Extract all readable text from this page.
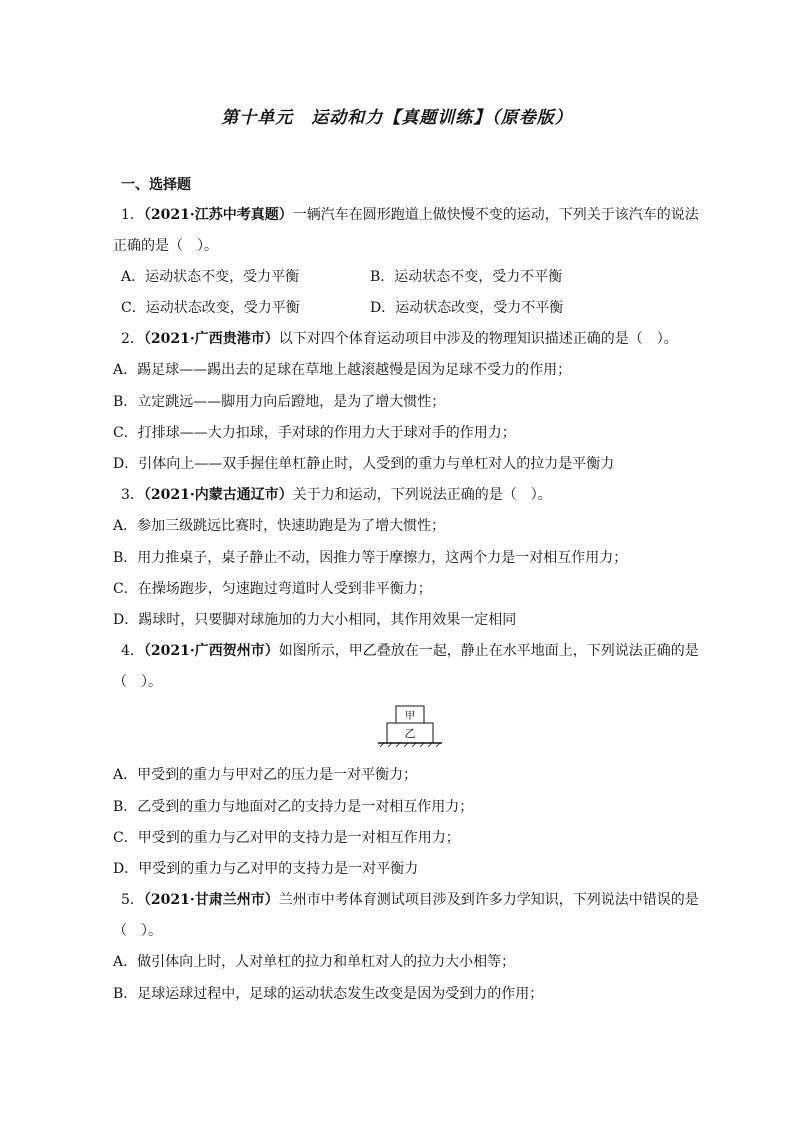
第十单元　运动和力【真题训练】（原卷版）
一、选择题
1．（2021·江苏中考真题）一辆汽车在圆形跑道上做快慢不变的运动，下列关于该汽车的说法
正确的是（　）。
A．运动状态不变，受力平衡	B．运动状态不变，受力不平衡
C．运动状态改变，受力平衡	D．运动状态改变，受力不平衡
2．（2021·广西贵港市）以下对四个体育运动项目中涉及的物理知识描述正确的是（　）。
A．踢足球——踢出去的足球在草地上越滚越慢是因为足球不受力的作用；
B．立定跳远——脚用力向后蹬地，是为了增大惯性；
C．打排球——大力扣球，手对球的作用力大于球对手的作用力；
D．引体向上——双手握住单杠静止时，人受到的重力与单杠对人的拉力是平衡力
3．（2021·内蒙古通辽市）关于力和运动，下列说法正确的是（　）。
A．参加三级跳远比赛时，快速助跑是为了增大惯性；
B．用力推桌子，桌子静止不动，因推力等于摩擦力，这两个力是一对相互作用力；
C．在操场跑步，匀速跑过弯道时人受到非平衡力；
D．踢球时，只要脚对球施加的力大小相同，其作用效果一定相同
4．（2021·广西贺州市）如图所示，甲乙叠放在一起，静止在水平地面上，下列说法正确的是
（　）。
甲
乙
A．甲受到的重力与甲对乙的压力是一对平衡力；
B．乙受到的重力与地面对乙的支持力是一对相互作用力；
C．甲受到的重力与乙对甲的支持力是一对相互作用力；
D．甲受到的重力与乙对甲的支持力是一对平衡力
5．（2021·甘肃兰州市）兰州市中考体育测试项目涉及到许多力学知识，下列说法中错误的是
（　）。
A．做引体向上时，人对单杠的拉力和单杠对人的拉力大小相等；
B．足球运球过程中，足球的运动状态发生改变是因为受到力的作用；
